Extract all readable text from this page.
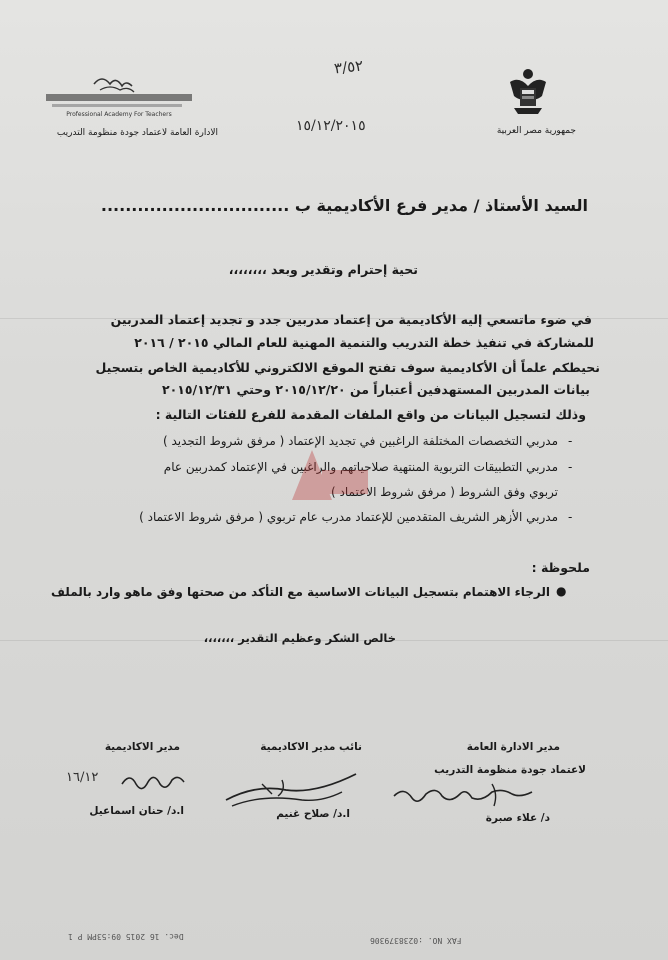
Professional Academy For Teachers
الادارة العامة لاعتماد جودة منظومة التدريب	جمهورية مصر العربية
٣/٥٢
١٥/١٢/٢٠١٥
السيد الأستاذ / مدير فرع الأكاديمية ب ...............................
تحية إحترام وتقدير وبعد ،،،،،،،،
في ضوء ماتسعي إليه الأكاديمية من إعتماد مدربين جدد و تجديد إعتماد المدربين
للمشاركة في تنفيذ خطة التدريب والتنمية المهنية للعام المالي ٢٠١٥ / ٢٠١٦
نحيطكم علماً أن الأكاديمية سوف تفتح الموقع الالكتروني للأكاديمية الخاص بتسجيل
بيانات المدربين المستهدفين أعتباراً من ٢٠١٥/١٢/٢٠ وحتي ٢٠١٥/١٢/٣١
وذلك لتسجيل البيانات من واقع الملفات المقدمة للفرع للفئات التالية :
مدربي التخصصات المختلفة الراغبين في تجديد الإعتماد ( مرفق شروط التجديد ) -
مدربي التطبيقات التربوية المنتهية صلاحياتهم والراغبين في الإعتماد كمدربين عام -
تربوي وفق الشروط ( مرفق شروط الاعتماد )
مدربي الأزهر الشريف المتقدمين للإعتماد مدرب عام تربوي ( مرفق شروط الاعتماد ) -
ملحوظة :
الرجاء الاهتمام بتسجيل البيانات الاساسية مع التأكد من صحتها وفق ماهو وارد بالملف ●
خالص الشكر وعظيم التقدير ،،،،،،،
مدير الادارة العامة
لاعتماد جودة منظومة التدريب
نائب مدير الاكاديمية
مدير الاكاديمية
١٦/١٢
د/ علاء صبرة
ا.د/ صلاح غنيم
ا.د/ حنان اسماعيل
Dec. 16 2015 09:53PM P 1	FAX NO. :0238379306
